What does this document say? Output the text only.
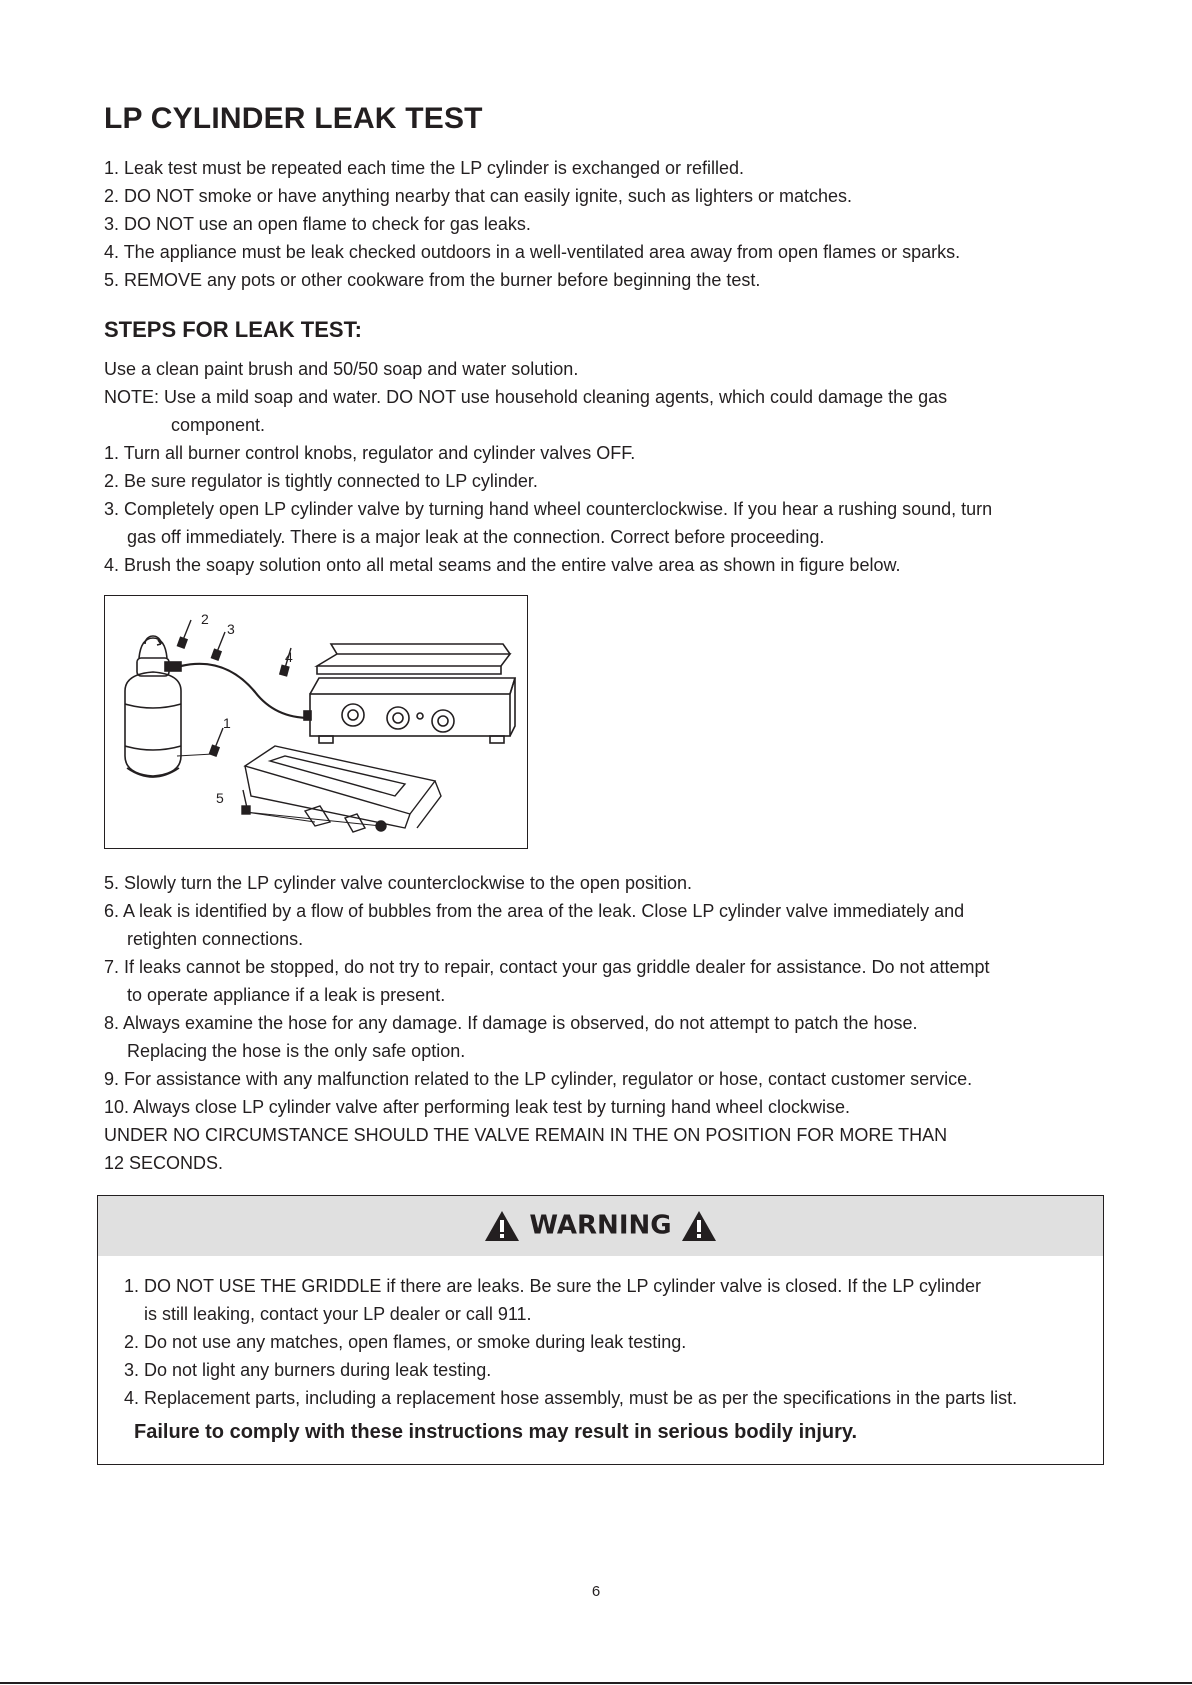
LP CYLINDER LEAK TEST
1. Leak test must be repeated each time the LP cylinder is exchanged or refilled.
2. DO NOT smoke or have anything nearby that can easily ignite, such as lighters or matches.
3. DO NOT use an open flame to check for gas leaks.
4. The appliance must be leak checked outdoors in a well-ventilated area away from open flames or sparks.
5. REMOVE any pots or other cookware from the burner before beginning the test.
STEPS FOR LEAK TEST:
Use a clean paint brush and 50/50 soap and water solution.
NOTE: Use a mild soap and water. DO NOT use household cleaning agents, which could damage the gas
component.
1. Turn all burner control knobs, regulator and cylinder valves OFF.
2. Be sure regulator is tightly connected to LP cylinder.
3. Completely open LP cylinder valve by turning hand wheel counterclockwise. If you hear a rushing sound, turn
gas off immediately. There is a major leak at the connection. Correct before proceeding.
4. Brush the soapy solution onto all metal seams and the entire valve area as shown in figure below.
1
2
3
4
5
5. Slowly turn the LP cylinder valve counterclockwise to the open position.
6. A leak is identified by a flow of bubbles from the area of the leak. Close LP cylinder valve immediately and
retighten connections.
7. If leaks cannot be stopped, do not try to repair, contact your gas griddle dealer for assistance. Do not attempt
to operate appliance if a leak is present.
8. Always examine the hose for any damage. If damage is observed, do not attempt to patch the hose.
Replacing the hose is the only safe option.
9. For assistance with any malfunction related to the LP cylinder, regulator or hose, contact customer service.
10. Always close LP cylinder valve after performing leak test by turning hand wheel clockwise.
UNDER NO CIRCUMSTANCE SHOULD THE VALVE REMAIN IN THE ON POSITION FOR MORE THAN
12 SECONDS.
WARNING
1. DO NOT USE THE GRIDDLE if there are leaks. Be sure the LP cylinder valve is closed. If the LP cylinder
is still leaking, contact your LP dealer or call 911.
2. Do not use any matches, open flames, or smoke during leak testing.
3. Do not light any burners during leak testing.
4. Replacement parts, including a replacement hose assembly, must be as per the specifications in the parts list.
Failure to comply with these instructions may result in serious bodily injury.
6
